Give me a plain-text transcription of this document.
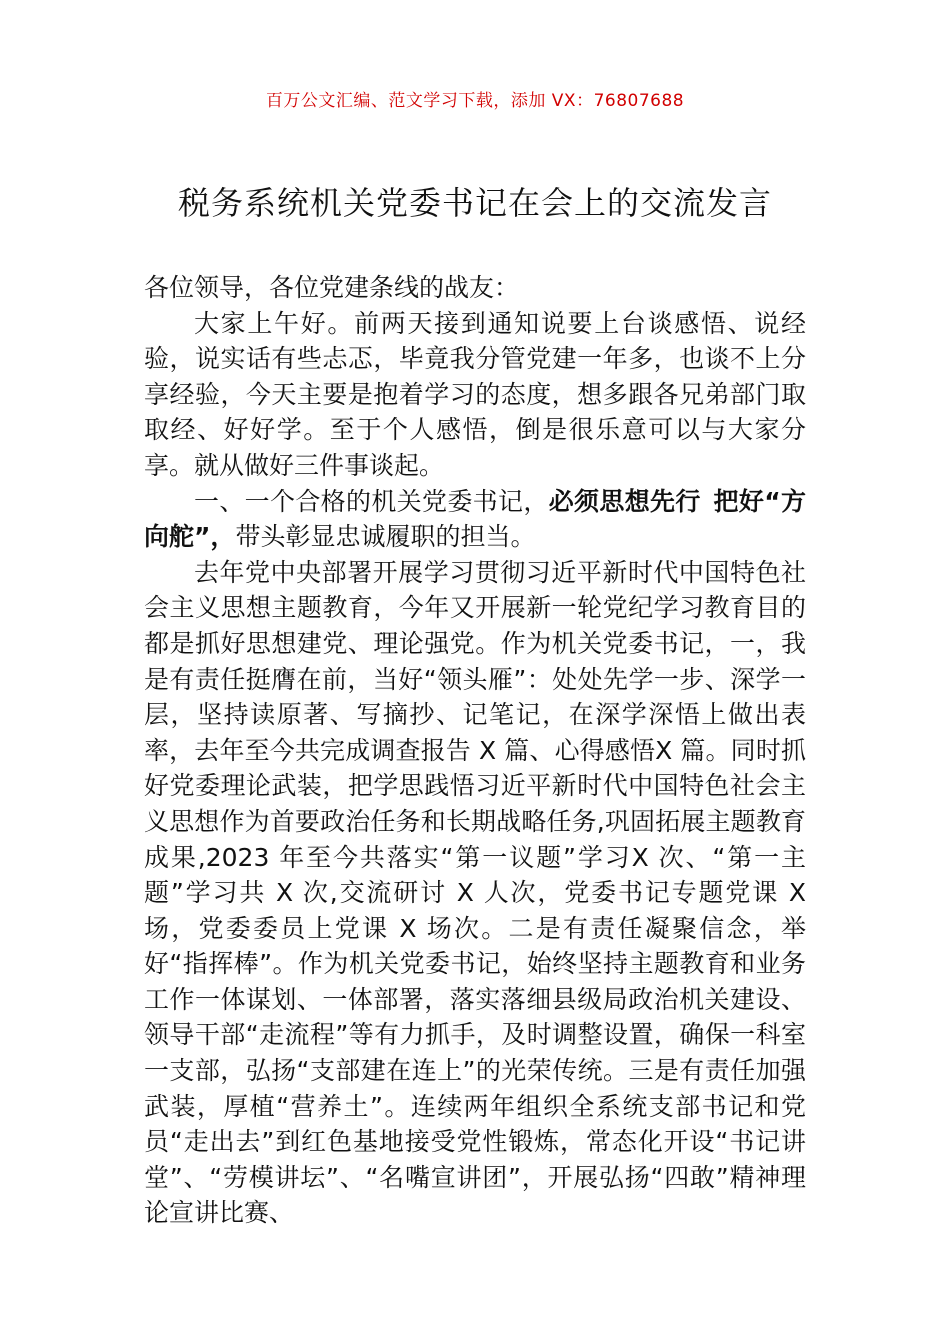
百万公文汇编、范文学习下载，添加 VX：76807688
税务系统机关党委书记在会上的交流发言

各位领导，各位党建条线的战友：

大家上午好。前两天接到通知说要上台谈感悟、说经验，说实话有些忐忑，毕竟我分管党建一年多，也谈不上分享经验，今天主要是抱着学习的态度，想多跟各兄弟部门取取经、好好学。至于个人感悟，倒是很乐意可以与大家分享。就从做好三件事谈起。

一、一个合格的机关党委书记，必须思想先行  把好“方向舵”，带头彰显忠诚履职的担当。

去年党中央部署开展学习贯彻习近平新时代中国特色社会主义思想主题教育，今年又开展新一轮党纪学习教育目的都是抓好思想建党、理论强党。作为机关党委书记，一，我是有责任挺膺在前，当好“领头雁”：处处先学一步、深学一层，坚持读原著、写摘抄、记笔记，在深学深悟上做出表率，去年至今共完成调查报告 X 篇、心得感悟X 篇。同时抓好党委理论武装，把学思践悟习近平新时代中国特色社会主义思想作为首要政治任务和长期战略任务,巩固拓展主题教育成果,2023 年至今共落实“第一议题”学习X 次、“第一主题”学习共 X 次,交流研讨 X 人次，党委书记专题党课 X 场，党委委员上党课 X 场次。二是有责任凝聚信念，举好“指挥棒”。作为机关党委书记，始终坚持主题教育和业务工作一体谋划、一体部署，落实落细县级局政治机关建设、领导干部“走流程”等有力抓手，及时调整设置，确保一科室一支部，弘扬“支部建在连上”的光荣传统。三是有责任加强武装，厚植“营养土”。连续两年组织全系统支部书记和党员“走出去”到红色基地接受党性锻炼，常态化开设“书记讲堂”、“劳模讲坛”、“名嘴宣讲团”，开展弘扬“四敢”精神理论宣讲比赛、
